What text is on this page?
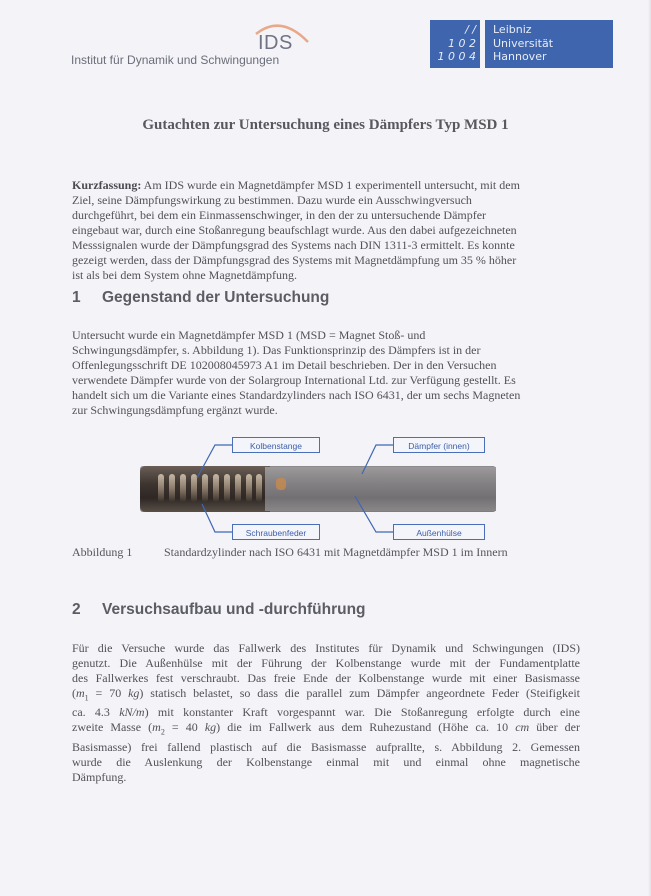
IDS
Institut für Dynamik und Schwingungen
/ /
1 0 2
1 0 0 4
Leibniz
Universität
Hannover
Gutachten zur Untersuchung eines Dämpfers Typ MSD 1
Kurzfassung: Am IDS wurde ein Magnetdämpfer MSD 1 experimentell untersucht, mit dem
Ziel, seine Dämpfungswirkung zu bestimmen. Dazu wurde ein Ausschwingversuch
durchgeführt, bei dem ein Einmassenschwinger, in den der zu untersuchende Dämpfer
eingebaut war, durch eine Stoßanregung beaufschlagt wurde. Aus den dabei aufgezeichneten
Messsignalen wurde der Dämpfungsgrad des Systems nach DIN 1311-3 ermittelt. Es konnte
gezeigt werden, dass der Dämpfungsgrad des Systems mit Magnetdämpfung um 35 % höher
ist als bei dem System ohne Magnetdämpfung.
1 Gegenstand der Untersuchung
Untersucht wurde ein Magnetdämpfer MSD 1 (MSD = Magnet Stoß- und
Schwingungsdämpfer, s. Abbildung 1). Das Funktionsprinzip des Dämpfers ist in der
Offenlegungsschrift DE 102008045973 A1 im Detail beschrieben. Der in den Versuchen
verwendete Dämpfer wurde von der Solargroup International Ltd. zur Verfügung gestellt. Es
handelt sich um die Variante eines Standardzylinders nach ISO 6431, der um sechs Magneten
zur Schwingungsdämpfung ergänzt wurde.
Kolbenstange	Dämpfer (innen)
Schraubenfeder	Außenhülse
Abbildung 1	Standardzylinder nach ISO 6431 mit Magnetdämpfer MSD 1 im Innern
2 Versuchsaufbau und -durchführung
Für die Versuche wurde das Fallwerk des Institutes für Dynamik und Schwingungen (IDS)
genutzt. Die Außenhülse mit der Führung der Kolbenstange wurde mit der Fundamentplatte
des Fallwerkes fest verschraubt. Das freie Ende der Kolbenstange wurde mit einer Basismasse
($m_1 = 70$ kg) statisch belastet, so dass die parallel zum Dämpfer angeordnete Feder (Steifigkeit
ca. 4.3 kN/m) mit konstanter Kraft vorgespannt war. Die Stoßanregung erfolgte durch eine
zweite Masse ($m_2 = 40$ kg) die im Fallwerk aus dem Ruhezustand (Höhe ca. 10 cm über der
Basismasse) frei fallend plastisch auf die Basismasse aufprallte, s. Abbildung 2. Gemessen
wurde die Auslenkung der Kolbenstange einmal mit und einmal ohne magnetische
Dämpfung.
